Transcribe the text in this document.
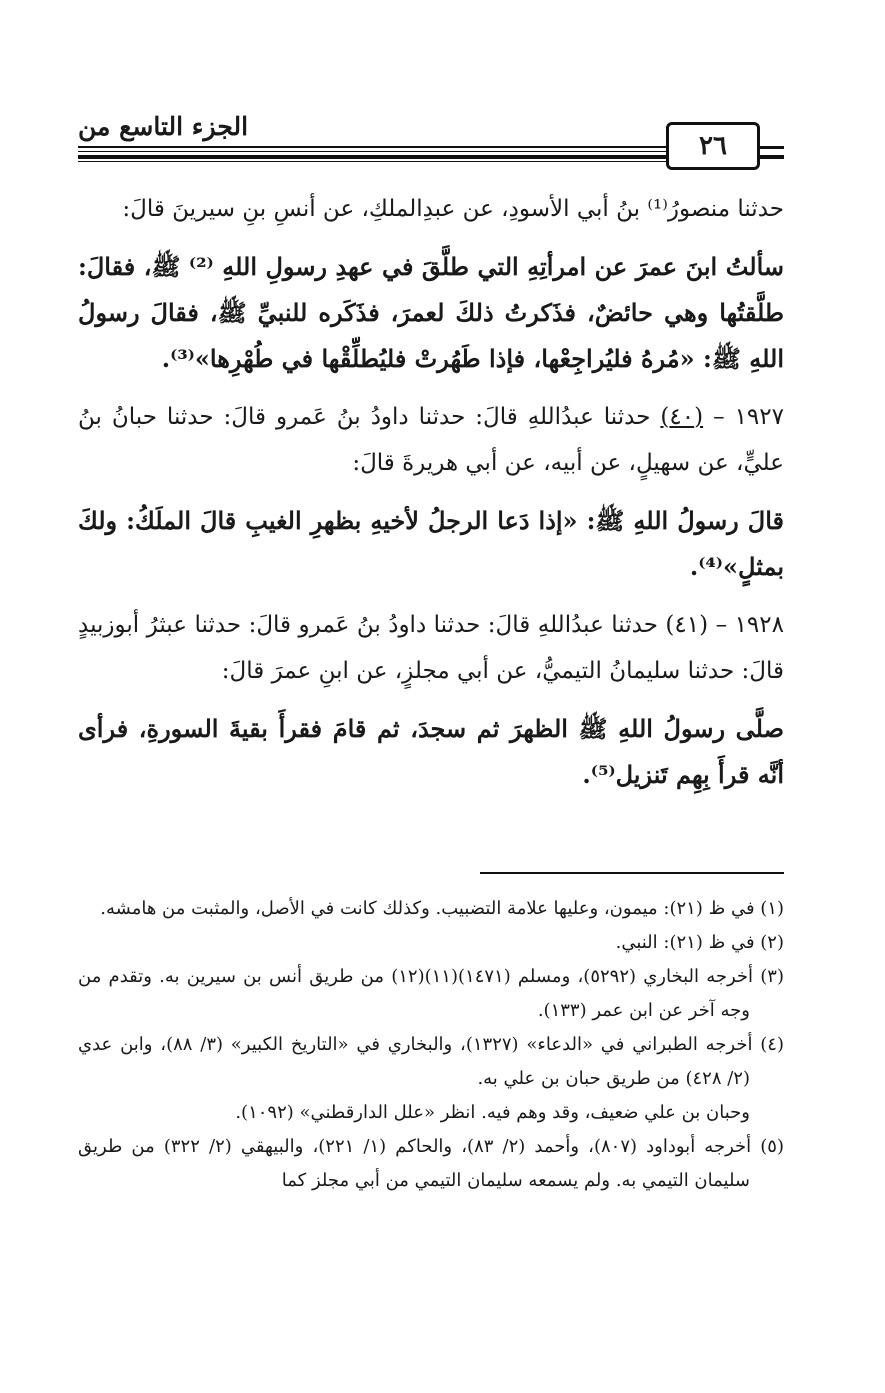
الجزء التاسع من
٢٦

حدثنا منصورُ⁽¹⁾ بنُ أبي الأسودِ، عن عبدِالملكِ، عن أنسِ بنِ سيرينَ قالَ:

سألتُ ابنَ عمرَ عن امرأتِهِ التي طلَّقَ في عهدِ رسولِ اللهِ ⁽²⁾ ﷺ، فقالَ: طلَّقتُها وهي حائضٌ، فذَكرتُ ذلكَ لعمرَ، فذَكَره للنبيِّ ﷺ، فقالَ رسولُ اللهِ ﷺ: «مُرهُ فليُراجِعْها، فإذا طَهُرتْ فليُطلِّقْها في طُهْرِها»⁽³⁾.

١٩٢٧ – (٤٠) حدثنا عبدُاللهِ قالَ: حدثنا داودُ بنُ عَمرو قالَ: حدثنا حبانُ بنُ عليٍّ، عن سهيلٍ، عن أبيه، عن أبي هريرةَ قالَ:

قالَ رسولُ اللهِ ﷺ: «إذا دَعا الرجلُ لأخيهِ بظهرِ الغيبِ قالَ الملَكُ: ولكَ بمثلٍ»⁽⁴⁾.

١٩٢٨ – (٤١) حدثنا عبدُاللهِ قالَ: حدثنا داودُ بنُ عَمرو قالَ: حدثنا عبثرُ أبوزبيدٍ قالَ: حدثنا سليمانُ التيميُّ، عن أبي مجلزٍ، عن ابنِ عمرَ قالَ:

صلَّى رسولُ اللهِ ﷺ الظهرَ ثم سجدَ، ثم قامَ فقرأَ بقيةَ السورةِ، فرأى أنَّه قرأَ بِهِم تَنزيل⁽⁵⁾.

(١) في ظ (٢١): ميمون، وعليها علامة التضبيب. وكذلك كانت في الأصل، والمثبت من هامشه.

(٢) في ظ (٢١): النبي.

(٣) أخرجه البخاري (٥٢٩٢)، ومسلم (١٤٧١)(١١)(١٢) من طريق أنس بن سيرين به. وتقدم من وجه آخر عن ابن عمر (١٣٣).

(٤) أخرجه الطبراني في «الدعاء» (١٣٢٧)، والبخاري في «التاريخ الكبير» (٣/ ٨٨)، وابن عدي (٢/ ٤٢٨) من طريق حبان بن علي به.

وحبان بن علي ضعيف، وقد وهم فيه. انظر «علل الدارقطني» (١٠٩٢).

(٥) أخرجه أبوداود (٨٠٧)، وأحمد (٢/ ٨٣)، والحاكم (١/ ٢٢١)، والبيهقي (٢/ ٣٢٢) من طريق سليمان التيمي به. ولم يسمعه سليمان التيمي من أبي مجلز كما
